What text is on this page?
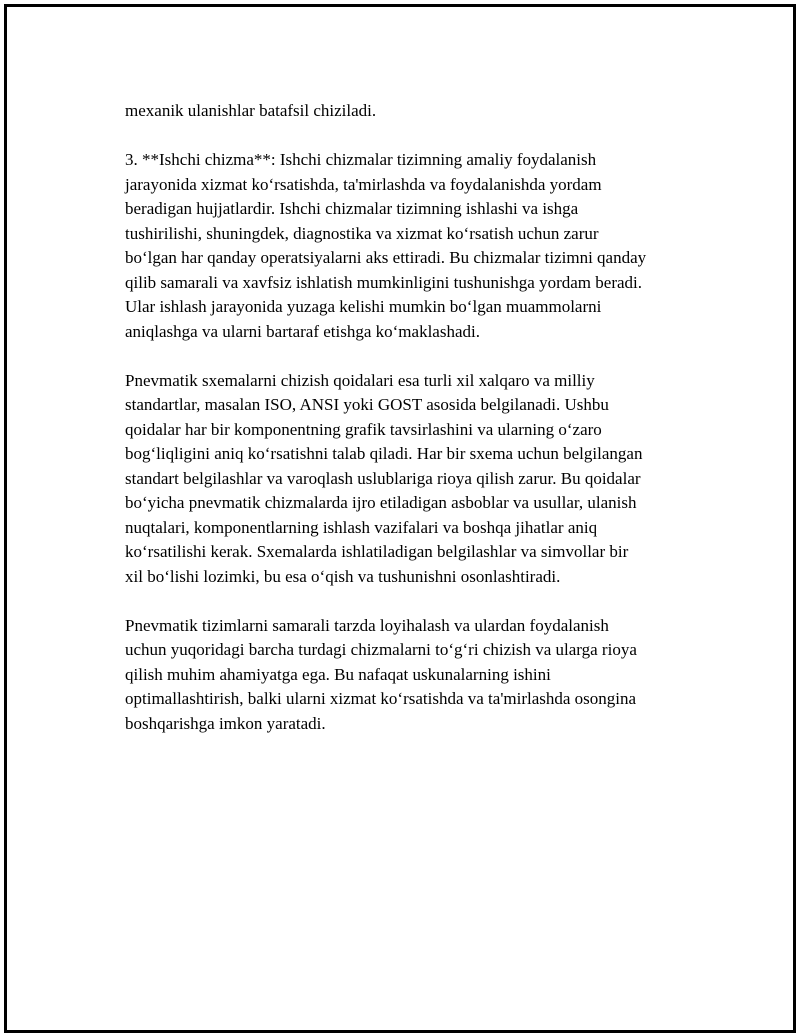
mexanik ulanishlar batafsil chiziladi.

3. **Ishchi chizma**: Ishchi chizmalar tizimning amaliy foydalanish
jarayonida xizmat ko‘rsatishda, ta'mirlashda va foydalanishda yordam
beradigan hujjatlardir. Ishchi chizmalar tizimning ishlashi va ishga
tushirilishi, shuningdek, diagnostika va xizmat ko‘rsatish uchun zarur
bo‘lgan har qanday operatsiyalarni aks ettiradi. Bu chizmalar tizimni qanday
qilib samarali va xavfsiz ishlatish mumkinligini tushunishga yordam beradi.
Ular ishlash jarayonida yuzaga kelishi mumkin bo‘lgan muammolarni
aniqlashga va ularni bartaraf etishga ko‘maklashadi.

Pnevmatik sxemalarni chizish qoidalari esa turli xil xalqaro va milliy
standartlar, masalan ISO, ANSI yoki GOST asosida belgilanadi. Ushbu
qoidalar har bir komponentning grafik tavsirlashini va ularning o‘zaro
bog‘liqligini aniq ko‘rsatishni talab qiladi. Har bir sxema uchun belgilangan
standart belgilashlar va varoqlash uslublariga rioya qilish zarur. Bu qoidalar
bo‘yicha pnevmatik chizmalarda ijro etiladigan asboblar va usullar, ulanish
nuqtalari, komponentlarning ishlash vazifalari va boshqa jihatlar aniq
ko‘rsatilishi kerak. Sxemalarda ishlatiladigan belgilashlar va simvollar bir
xil bo‘lishi lozimki, bu esa o‘qish va tushunishni osonlashtiradi.

Pnevmatik tizimlarni samarali tarzda loyihalash va ulardan foydalanish
uchun yuqoridagi barcha turdagi chizmalarni to‘g‘ri chizish va ularga rioya
qilish muhim ahamiyatga ega. Bu nafaqat uskunalarning ishini
optimallashtirish, balki ularni xizmat ko‘rsatishda va ta'mirlashda osongina
boshqarishga imkon yaratadi.
